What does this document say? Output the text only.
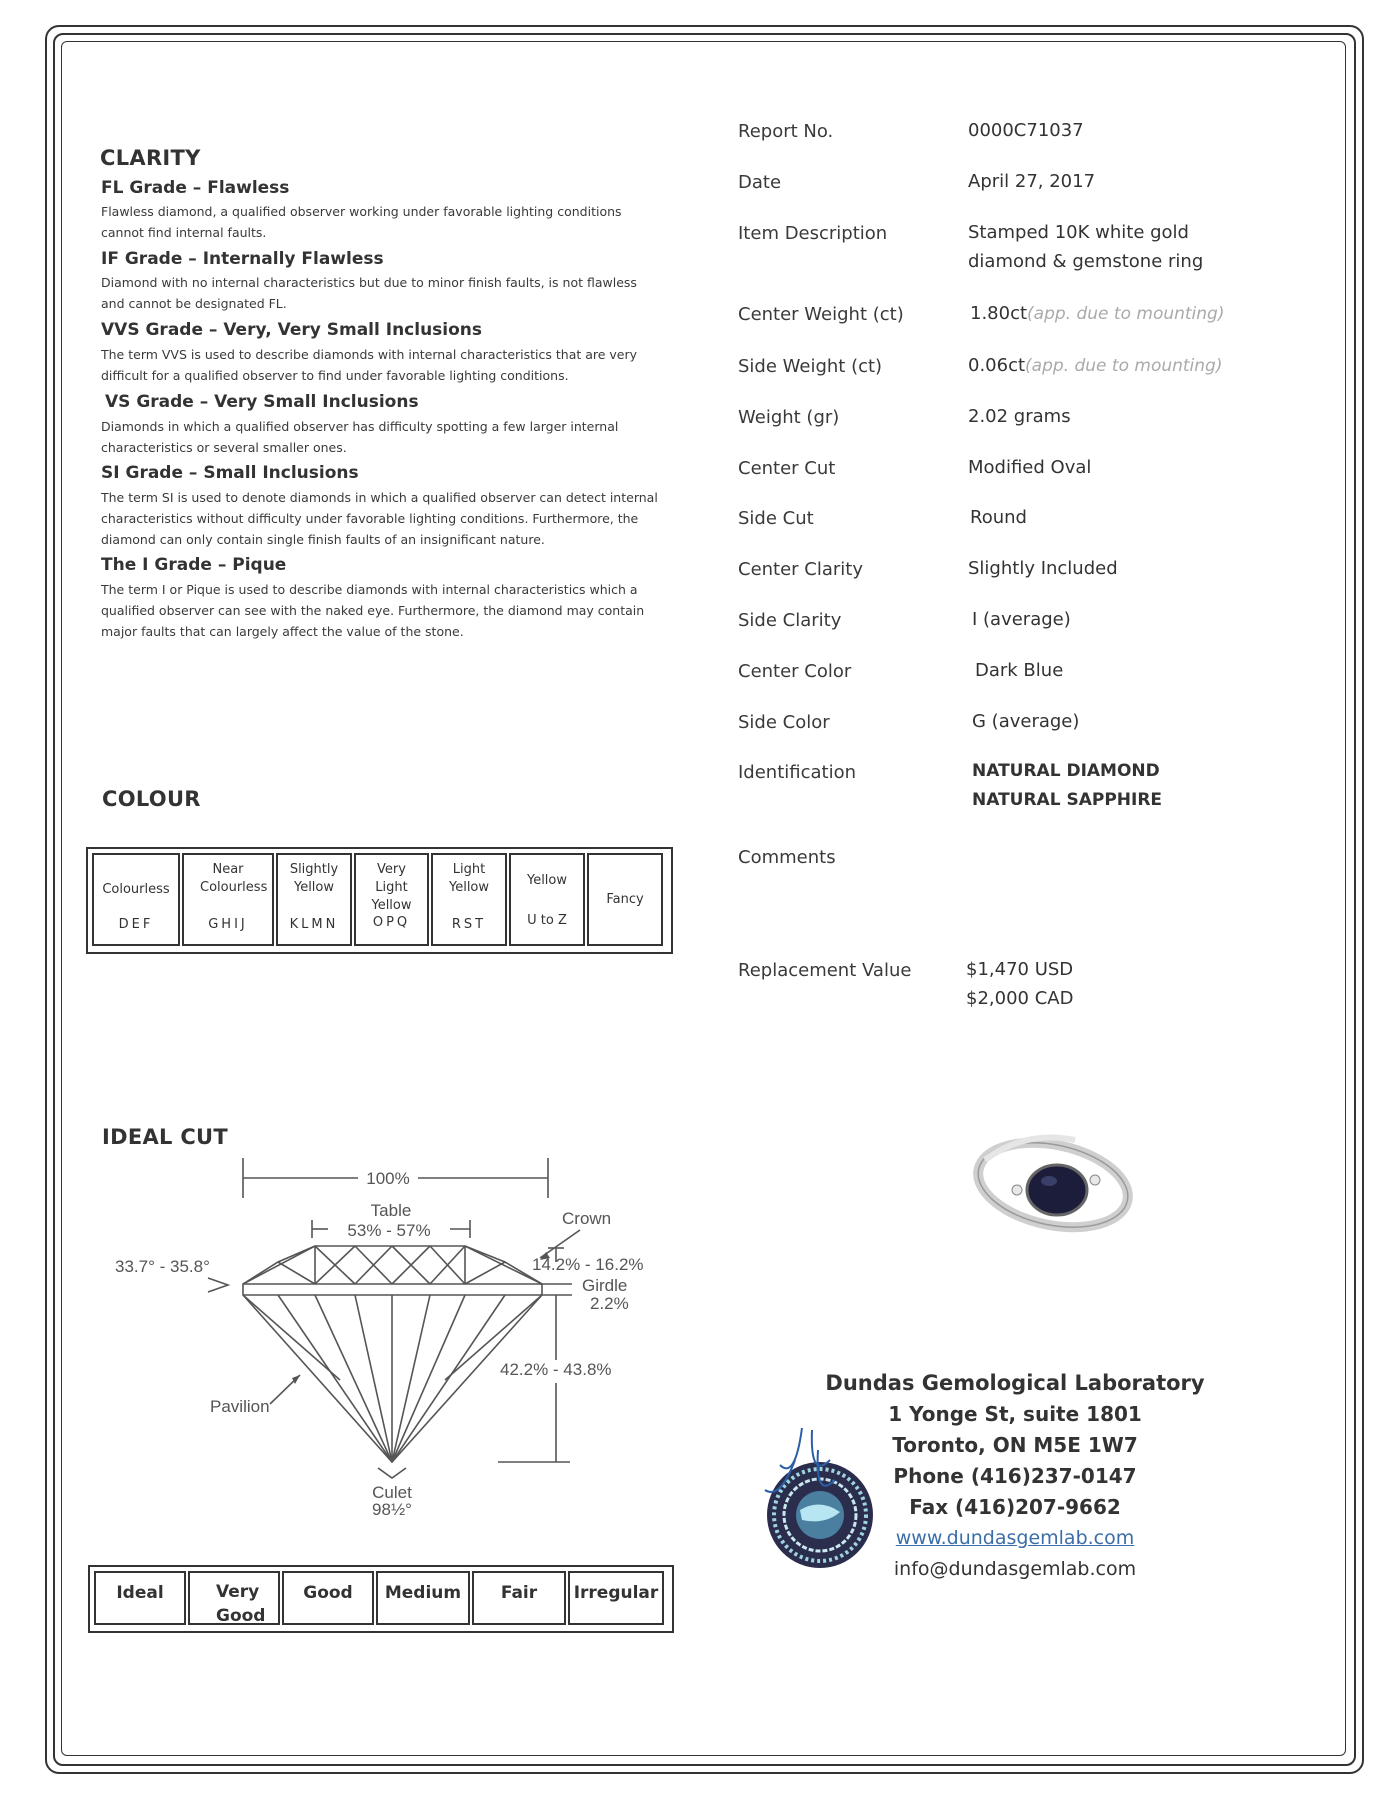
CLARITY
FL Grade – Flawless
Flawless diamond, a qualified observer working under favorable lighting conditions cannot find internal faults.
IF Grade – Internally Flawless
Diamond with no internal characteristics but due to minor finish faults, is not flawless and cannot be designated FL.
VVS Grade – Very, Very Small Inclusions
The term VVS is used to describe diamonds with internal characteristics that are very difficult for a qualified observer to find under favorable lighting conditions.
VS Grade – Very Small Inclusions
Diamonds in which a qualified observer has difficulty spotting a few larger internal characteristics or several smaller ones.
SI Grade – Small Inclusions
The term SI is used to denote diamonds in which a qualified observer can detect internal characteristics without difficulty under favorable lighting conditions. Furthermore, the diamond can only contain single finish faults of an insignificant nature.
The I Grade – Pique
The term I or Pique is used to describe diamonds with internal characteristics which a qualified observer can see with the naked eye. Furthermore, the diamond may contain major faults that can largely affect the value of the stone.
COLOUR
Colourless
DEF
Near Colourless
GHIJ
Slightly Yellow
KLMN
Very Light Yellow
OPQ
Light Yellow
RST
Yellow
U to Z
Fancy
IDEAL CUT
100%
Table
53% - 57%
Crown
33.7° - 35.8°	14.2% - 16.2%
Girdle
2.2%
42.2% - 43.8%
Pavilion
Culet
98½°
Ideal	Very Good
Good	Medium	Fair	Irregular
Report No.	0000C71037
Date	April 27, 2017
Item Description	Stamped 10K white gold
diamond & gemstone ring
Center Weight (ct)	1.80ct(app. due to mounting)
Side Weight (ct)	0.06ct(app. due to mounting)
Weight (gr)	2.02 grams
Center Cut	Modified Oval
Side Cut	Round
Center Clarity	Slightly Included
Side Clarity	I (average)
Center Color	Dark Blue
Side Color	G (average)
Identification	NATURAL DIAMOND
NATURAL SAPPHIRE
Comments
Replacement Value	$1,470 USD
$2,000 CAD
Dundas Gemological Laboratory
1 Yonge St, suite 1801
Toronto, ON M5E 1W7
Phone (416)237-0147
Fax (416)207-9662
www.dundasgemlab.com
info@dundasgemlab.com
